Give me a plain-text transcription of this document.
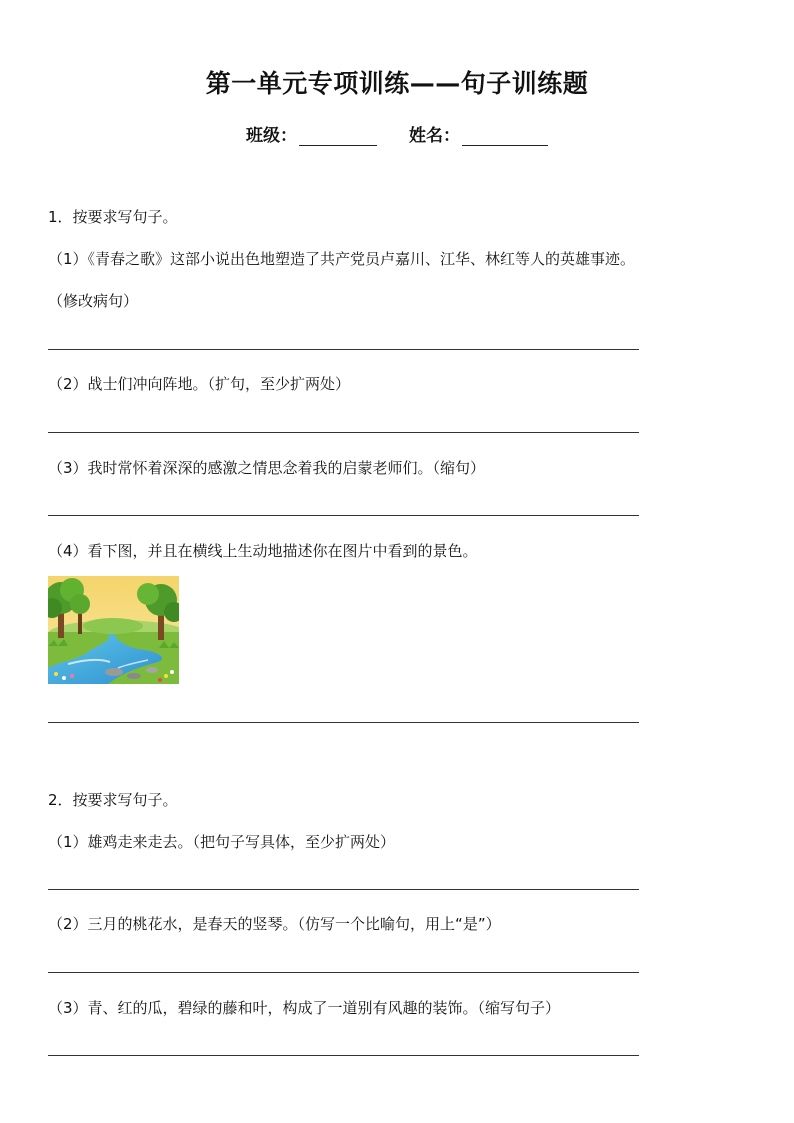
第一单元专项训练——句子训练题
班级：	姓名：
1．按要求写句子。
（1）《青春之歌》这部小说出色地塑造了共产党员卢嘉川、江华、林红等人的英雄事迹。
（修改病句）
（2）战士们冲向阵地。（扩句，至少扩两处）
（3）我时常怀着深深的感激之情思念着我的启蒙老师们。（缩句）
（4）看下图，并且在横线上生动地描述你在图片中看到的景色。
2．按要求写句子。
（1）雄鸡走来走去。（把句子写具体，至少扩两处）
（2）三月的桃花水，是春天的竖琴。（仿写一个比喻句，用上“是”）
（3）青、红的瓜，碧绿的藤和叶，构成了一道别有风趣的装饰。（缩写句子）
